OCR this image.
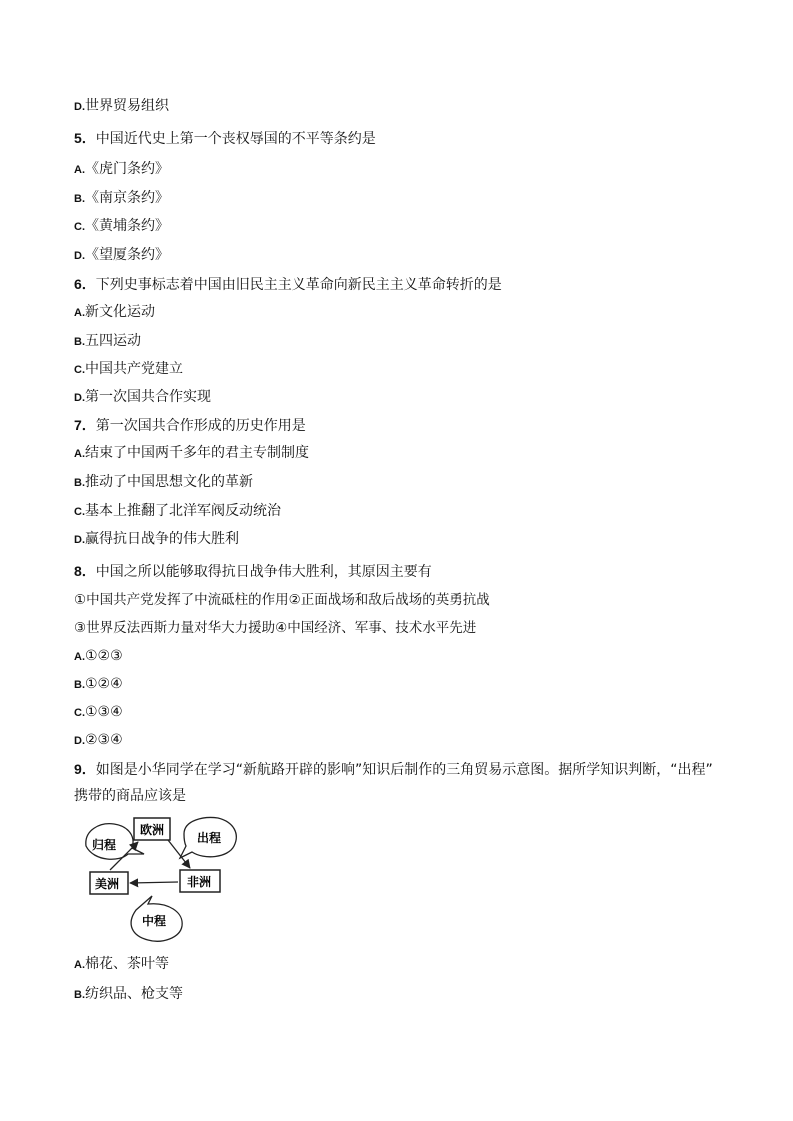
D.世界贸易组织
5．中国近代史上第一个丧权辱国的不平等条约是
A.《虎门条约》
B.《南京条约》
C.《黄埔条约》
D.《望厦条约》
6．下列史事标志着中国由旧民主主义革命向新民主主义革命转折的是
A.新文化运动
B.五四运动
C.中国共产党建立
D.第一次国共合作实现
7．第一次国共合作形成的历史作用是
A.结束了中国两千多年的君主专制制度
B.推动了中国思想文化的革新
C.基本上推翻了北洋军阀反动统治
D.赢得抗日战争的伟大胜利
8．中国之所以能够取得抗日战争伟大胜利，其原因主要有
①中国共产党发挥了中流砥柱的作用②正面战场和敌后战场的英勇抗战
③世界反法西斯力量对华大力援助④中国经济、军事、技术水平先进
A.①②③
B.①②④
C.①③④
D.②③④
9．如图是小华同学在学习“新航路开辟的影响”知识后制作的三角贸易示意图。据所学知识判断，“出程”
携带的商品应该是
归程	出程
中程
欧洲
非洲
美洲
A.棉花、茶叶等
B.纺织品、枪支等
